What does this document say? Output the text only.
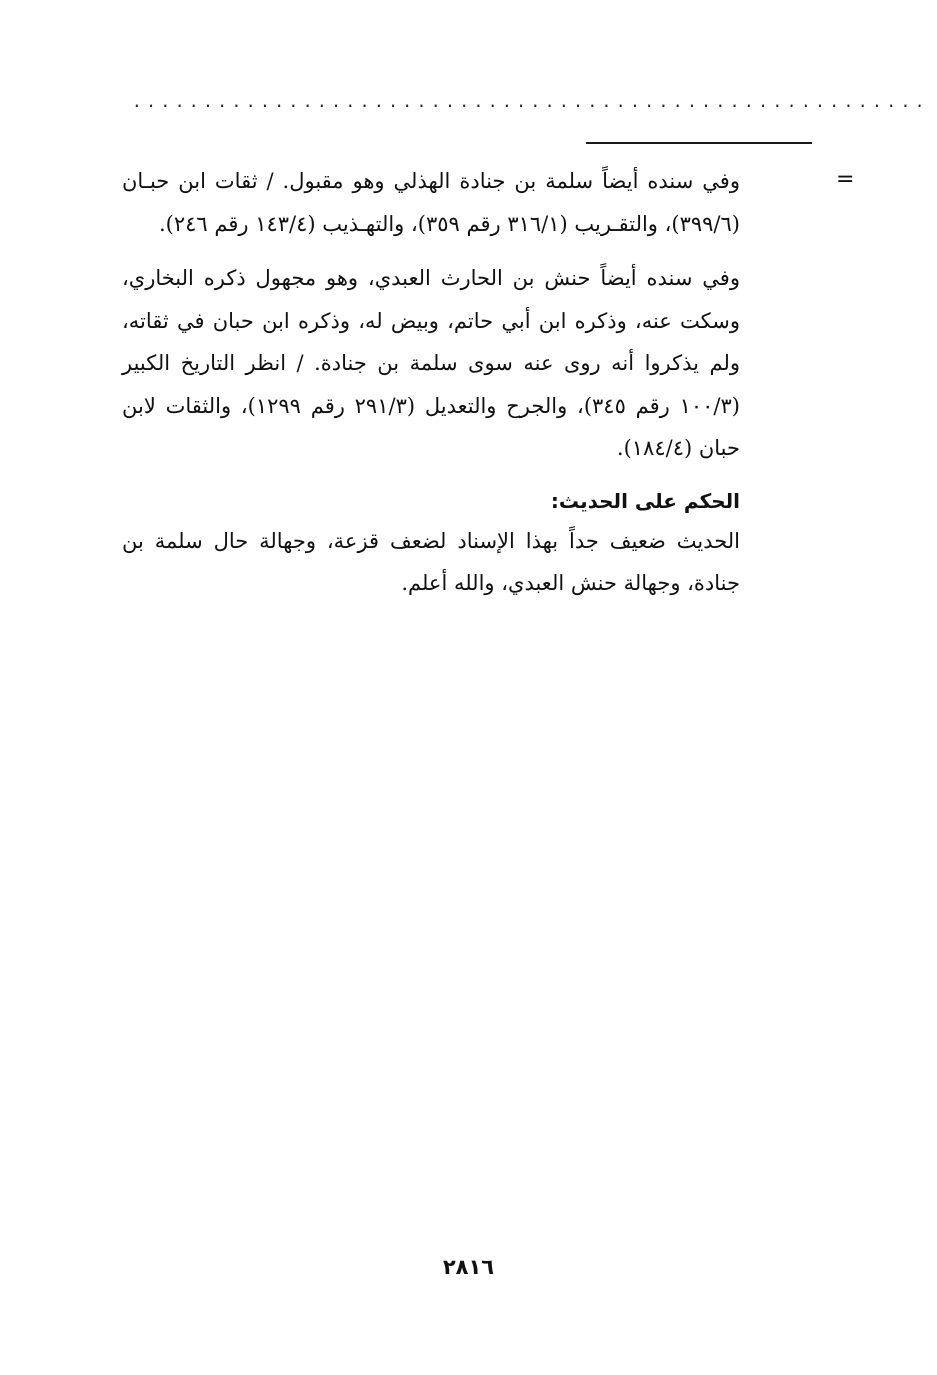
........................................................
=

وفي سنده أيضاً سلمة بن جنادة الهذلي وهو مقبول. / ثقات ابن حبـان (٣٩٩/٦)، والتقـريب (٣١٦/١ رقم ٣٥٩)، والتهـذيب (١٤٣/٤ رقم ٢٤٦).

وفي سنده أيضاً حنش بن الحارث العبدي، وهو مجهول ذكره البخاري، وسكت عنه، وذكره ابن أبي حاتم، وبيض له، وذكره ابن حبان في ثقاته، ولم يذكروا أنه روى عنه سوى سلمة بن جنادة. / انظر التاريخ الكبير (١٠٠/٣ رقم ٣٤٥)، والجرح والتعديل (٢٩١/٣ رقم ١٢٩٩)، والثقات لابن حبان (١٨٤/٤).

الحكم على الحديث:

الحديث ضعيف جداً بهذا الإسناد لضعف قزعة، وجهالة حال سلمة بن جنادة، وجهالة حنش العبدي، والله أعلم.

٢٨١٦
